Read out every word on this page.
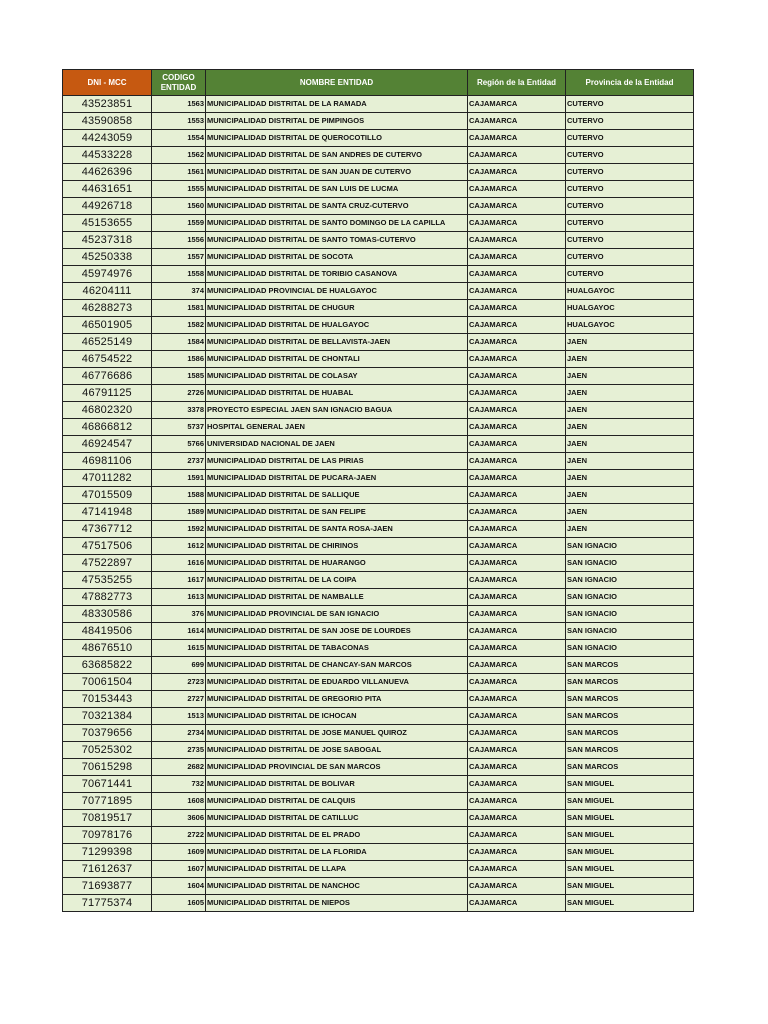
DNI - MCC	CODIGO ENTIDAD	NOMBRE ENTIDAD	Región de la Entidad	Provincia de la Entidad
43523851	1563	MUNICIPALIDAD DISTRITAL DE LA RAMADA	CAJAMARCA	CUTERVO
43590858	1553	MUNICIPALIDAD DISTRITAL DE PIMPINGOS	CAJAMARCA	CUTERVO
44243059	1554	MUNICIPALIDAD DISTRITAL DE QUEROCOTILLO	CAJAMARCA	CUTERVO
44533228	1562	MUNICIPALIDAD DISTRITAL DE SAN ANDRES DE CUTERVO	CAJAMARCA	CUTERVO
44626396	1561	MUNICIPALIDAD DISTRITAL DE SAN JUAN DE CUTERVO	CAJAMARCA	CUTERVO
44631651	1555	MUNICIPALIDAD DISTRITAL DE SAN LUIS DE LUCMA	CAJAMARCA	CUTERVO
44926718	1560	MUNICIPALIDAD DISTRITAL DE SANTA CRUZ-CUTERVO	CAJAMARCA	CUTERVO
45153655	1559	MUNICIPALIDAD DISTRITAL DE SANTO DOMINGO DE LA CAPILLA	CAJAMARCA	CUTERVO
45237318	1556	MUNICIPALIDAD DISTRITAL DE SANTO TOMAS-CUTERVO	CAJAMARCA	CUTERVO
45250338	1557	MUNICIPALIDAD DISTRITAL DE SOCOTA	CAJAMARCA	CUTERVO
45974976	1558	MUNICIPALIDAD DISTRITAL DE TORIBIO CASANOVA	CAJAMARCA	CUTERVO
46204111	374	MUNICIPALIDAD PROVINCIAL DE HUALGAYOC	CAJAMARCA	HUALGAYOC
46288273	1581	MUNICIPALIDAD DISTRITAL DE CHUGUR	CAJAMARCA	HUALGAYOC
46501905	1582	MUNICIPALIDAD DISTRITAL DE HUALGAYOC	CAJAMARCA	HUALGAYOC
46525149	1584	MUNICIPALIDAD DISTRITAL DE BELLAVISTA-JAEN	CAJAMARCA	JAEN
46754522	1586	MUNICIPALIDAD DISTRITAL DE CHONTALI	CAJAMARCA	JAEN
46776686	1585	MUNICIPALIDAD DISTRITAL DE COLASAY	CAJAMARCA	JAEN
46791125	2726	MUNICIPALIDAD DISTRITAL DE HUABAL	CAJAMARCA	JAEN
46802320	3378	PROYECTO ESPECIAL JAEN SAN IGNACIO BAGUA	CAJAMARCA	JAEN
46866812	5737	HOSPITAL GENERAL JAEN	CAJAMARCA	JAEN
46924547	5766	UNIVERSIDAD NACIONAL DE JAEN	CAJAMARCA	JAEN
46981106	2737	MUNICIPALIDAD DISTRITAL DE LAS PIRIAS	CAJAMARCA	JAEN
47011282	1591	MUNICIPALIDAD DISTRITAL DE PUCARA-JAEN	CAJAMARCA	JAEN
47015509	1588	MUNICIPALIDAD DISTRITAL DE SALLIQUE	CAJAMARCA	JAEN
47141948	1589	MUNICIPALIDAD DISTRITAL DE SAN FELIPE	CAJAMARCA	JAEN
47367712	1592	MUNICIPALIDAD DISTRITAL DE SANTA ROSA-JAEN	CAJAMARCA	JAEN
47517506	1612	MUNICIPALIDAD DISTRITAL DE CHIRINOS	CAJAMARCA	SAN IGNACIO
47522897	1616	MUNICIPALIDAD DISTRITAL DE HUARANGO	CAJAMARCA	SAN IGNACIO
47535255	1617	MUNICIPALIDAD DISTRITAL DE LA COIPA	CAJAMARCA	SAN IGNACIO
47882773	1613	MUNICIPALIDAD DISTRITAL DE NAMBALLE	CAJAMARCA	SAN IGNACIO
48330586	376	MUNICIPALIDAD PROVINCIAL DE SAN IGNACIO	CAJAMARCA	SAN IGNACIO
48419506	1614	MUNICIPALIDAD DISTRITAL DE SAN JOSE DE LOURDES	CAJAMARCA	SAN IGNACIO
48676510	1615	MUNICIPALIDAD DISTRITAL DE TABACONAS	CAJAMARCA	SAN IGNACIO
63685822	699	MUNICIPALIDAD DISTRITAL DE CHANCAY-SAN MARCOS	CAJAMARCA	SAN MARCOS
70061504	2723	MUNICIPALIDAD DISTRITAL DE EDUARDO VILLANUEVA	CAJAMARCA	SAN MARCOS
70153443	2727	MUNICIPALIDAD DISTRITAL DE GREGORIO PITA	CAJAMARCA	SAN MARCOS
70321384	1513	MUNICIPALIDAD DISTRITAL DE ICHOCAN	CAJAMARCA	SAN MARCOS
70379656	2734	MUNICIPALIDAD DISTRITAL DE JOSE MANUEL QUIROZ	CAJAMARCA	SAN MARCOS
70525302	2735	MUNICIPALIDAD DISTRITAL DE JOSE SABOGAL	CAJAMARCA	SAN MARCOS
70615298	2682	MUNICIPALIDAD PROVINCIAL DE SAN MARCOS	CAJAMARCA	SAN MARCOS
70671441	732	MUNICIPALIDAD DISTRITAL DE BOLIVAR	CAJAMARCA	SAN MIGUEL
70771895	1608	MUNICIPALIDAD DISTRITAL DE CALQUIS	CAJAMARCA	SAN MIGUEL
70819517	3606	MUNICIPALIDAD DISTRITAL DE CATILLUC	CAJAMARCA	SAN MIGUEL
70978176	2722	MUNICIPALIDAD DISTRITAL DE EL PRADO	CAJAMARCA	SAN MIGUEL
71299398	1609	MUNICIPALIDAD DISTRITAL DE LA FLORIDA	CAJAMARCA	SAN MIGUEL
71612637	1607	MUNICIPALIDAD DISTRITAL DE LLAPA	CAJAMARCA	SAN MIGUEL
71693877	1604	MUNICIPALIDAD DISTRITAL DE NANCHOC	CAJAMARCA	SAN MIGUEL
71775374	1605	MUNICIPALIDAD DISTRITAL DE NIEPOS	CAJAMARCA	SAN MIGUEL
